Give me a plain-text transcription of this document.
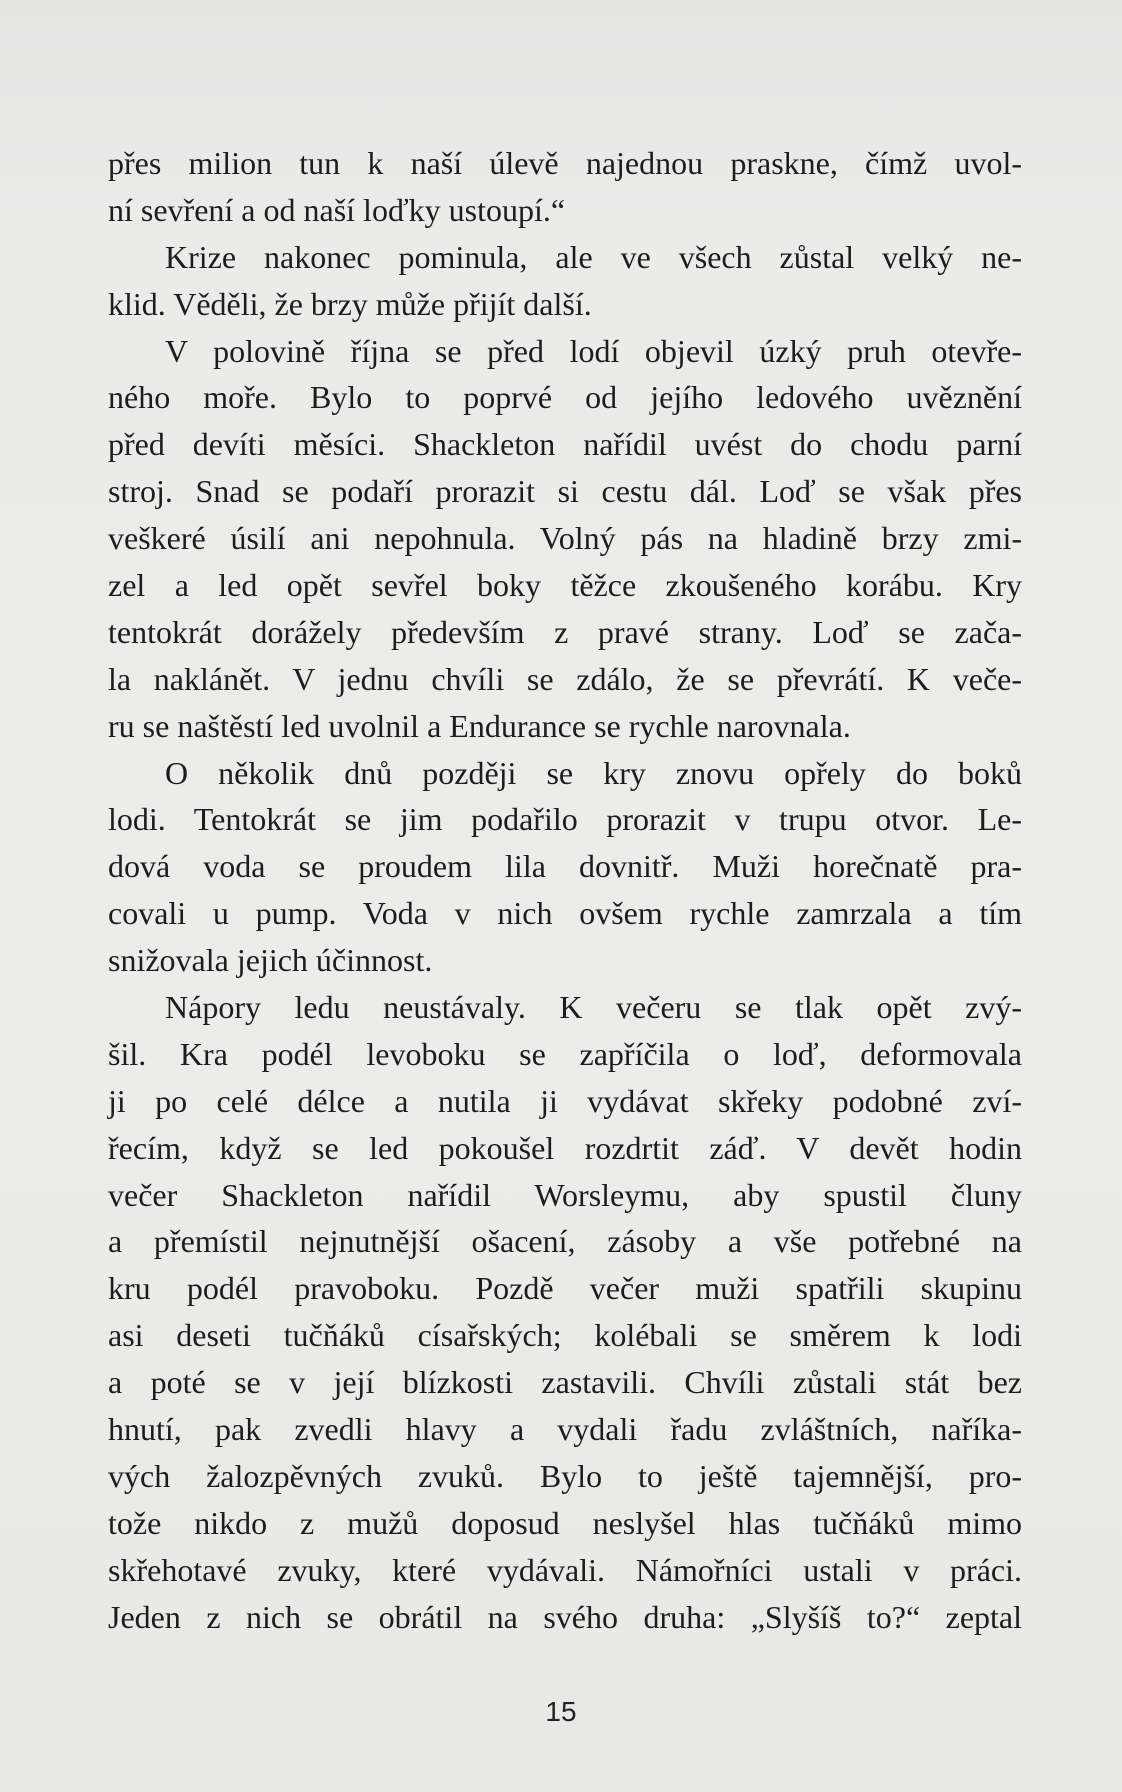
přes milion tun k naší úlevě najednou praskne, čímž uvol-
ní sevření a od naší loďky ustoupí.“
Krize nakonec pominula, ale ve všech zůstal velký ne-
klid. Věděli, že brzy může přijít další.
V polovině října se před lodí objevil úzký pruh otevře-
ného moře. Bylo to poprvé od jejího ledového uvěznění
před devíti měsíci. Shackleton nařídil uvést do chodu parní
stroj. Snad se podaří prorazit si cestu dál. Loď se však přes
veškeré úsilí ani nepohnula. Volný pás na hladině brzy zmi-
zel a led opět sevřel boky těžce zkoušeného korábu. Kry
tentokrát dorážely především z pravé strany. Loď se zača-
la naklánět. V jednu chvíli se zdálo, že se převrátí. K veče-
ru se naštěstí led uvolnil a Endurance se rychle narovnala.
O několik dnů později se kry znovu opřely do boků
lodi. Tentokrát se jim podařilo prorazit v trupu otvor. Le-
dová voda se proudem lila dovnitř. Muži horečnatě pra-
covali u pump. Voda v nich ovšem rychle zamrzala a tím
snižovala jejich účinnost.
Nápory ledu neustávaly. K večeru se tlak opět zvý-
šil. Kra podél levoboku se zapříčila o loď, deformovala
ji po celé délce a nutila ji vydávat skřeky podobné zví-
řecím, když se led pokoušel rozdrtit záď. V devět hodin
večer Shackleton nařídil Worsleymu, aby spustil čluny
a přemístil nejnutnější ošacení, zásoby a vše potřebné na
kru podél pravoboku. Pozdě večer muži spatřili skupinu
asi deseti tučňáků císařských; kolébali se směrem k lodi
a poté se v její blízkosti zastavili. Chvíli zůstali stát bez
hnutí, pak zvedli hlavy a vydali řadu zvláštních, naříka-
vých žalozpěvných zvuků. Bylo to ještě tajemnější, pro-
tože nikdo z mužů doposud neslyšel hlas tučňáků mimo
skřehotavé zvuky, které vydávali. Námořníci ustali v práci.
Jeden z nich se obrátil na svého druha: „Slyšíš to?“ zeptal
15
